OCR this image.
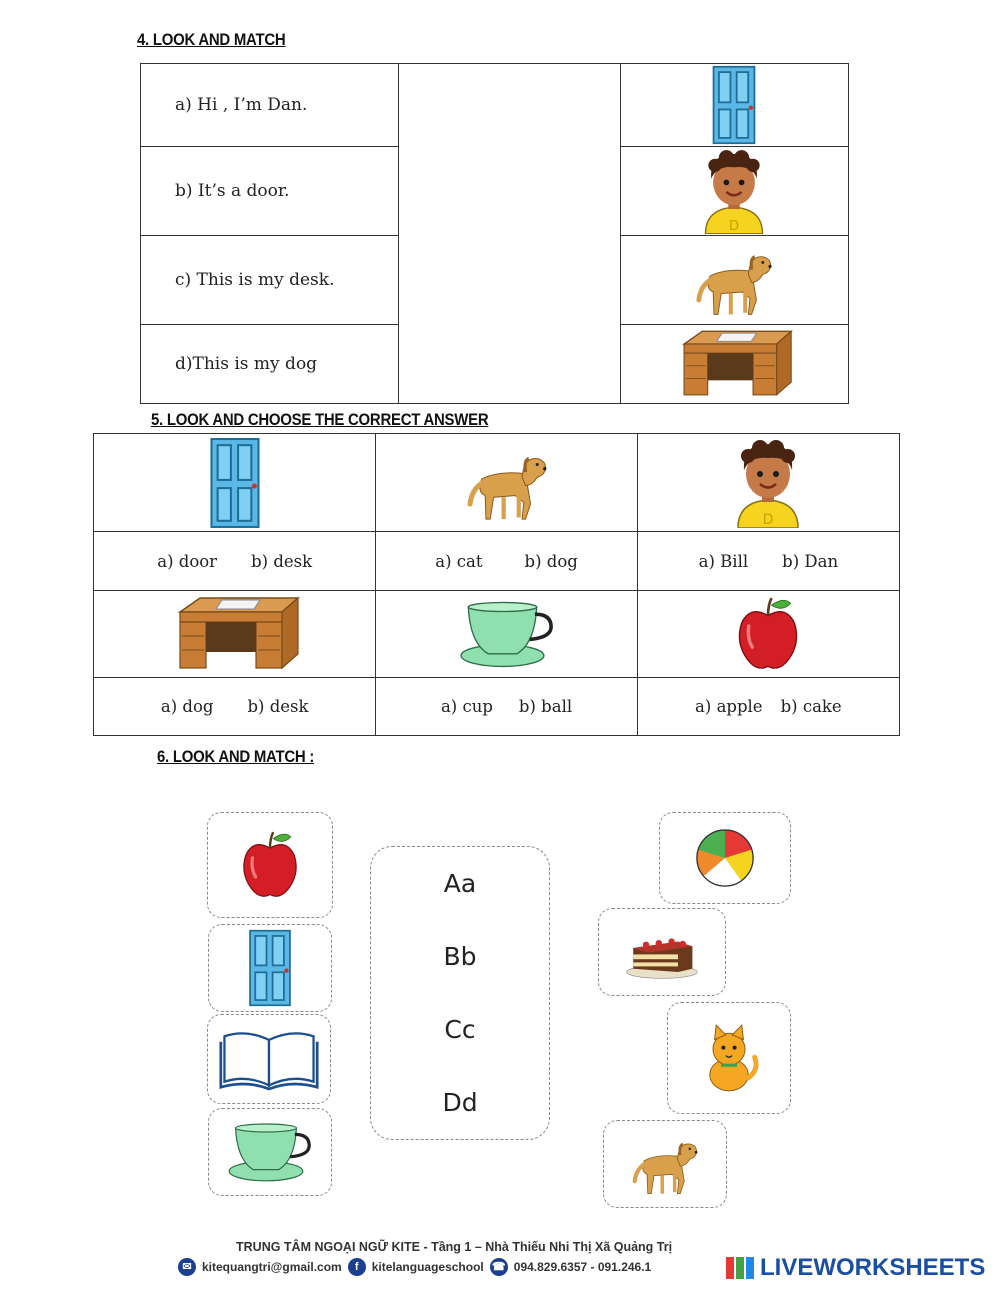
4. LOOK AND MATCH
a) Hi , I’m Dan.		

b) It’s a door.	

c) This is my desk.	

d)This is my dog	
5. LOOK AND CHOOSE THE CORRECT ANSWER

a) door b) desk	a) cat b) dog	a) Bill b) Dan

a) dog b) desk	a) cup b) ball	a) apple b) cake
6. LOOK AND MATCH :
Aa
Bb
Cc
Dd
TRUNG TÂM NGOẠI NGỮ KITE - Tầng 1 – Nhà Thiếu Nhi Thị Xã Quảng Trị
✉ kitequangtri@gmail.com	f	kitelanguageschool ☎ 094.829.6357 - 091.246.1	LIVEWORKSHEETS
